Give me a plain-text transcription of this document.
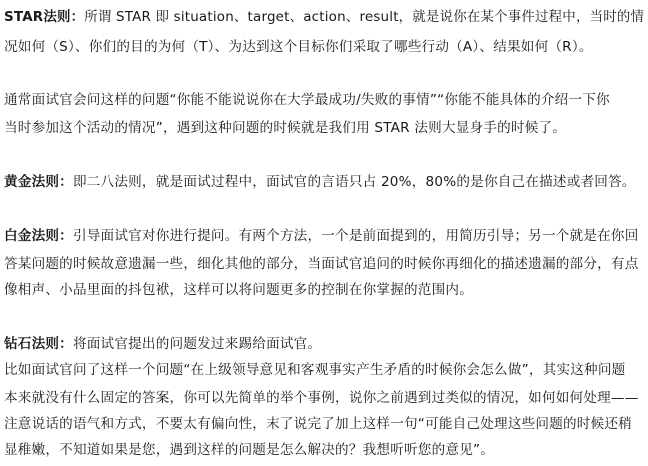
STAR法则：所谓 STAR 即 situation、target、action、result，就是说你在某个事件过程中，当时的情
况如何（S）、你们的目的为何（T）、为达到这个目标你们采取了哪些行动（A）、结果如何（R）。
通常面试官会问这样的问题“你能不能说说你在大学最成功/失败的事情”“你能不能具体的介绍一下你
当时参加这个活动的情况”，遇到这种问题的时候就是我们用 STAR 法则大显身手的时候了。
黄金法则：即二八法则，就是面试过程中，面试官的言语只占 20%，80%的是你自己在描述或者回答。
白金法则：引导面试官对你进行提问。有两个方法，一个是前面提到的，用简历引导；另一个就是在你回
答某问题的时候故意遗漏一些，细化其他的部分，当面试官追问的时候你再细化的描述遗漏的部分，有点
像相声、小品里面的抖包袱，这样可以将问题更多的控制在你掌握的范围内。
钻石法则：将面试官提出的问题发过来踢给面试官。
比如面试官问了这样一个问题“在上级领导意见和客观事实产生矛盾的时候你会怎么做”，其实这种问题
本来就没有什么固定的答案，你可以先简单的举个事例，说你之前遇到过类似的情况，如何如何处理——
注意说话的语气和方式，不要太有偏向性，末了说完了加上这样一句“可能自己处理这些问题的时候还稍
显稚嫩，不知道如果是您，遇到这样的问题是怎么解决的？我想听听您的意见”。
